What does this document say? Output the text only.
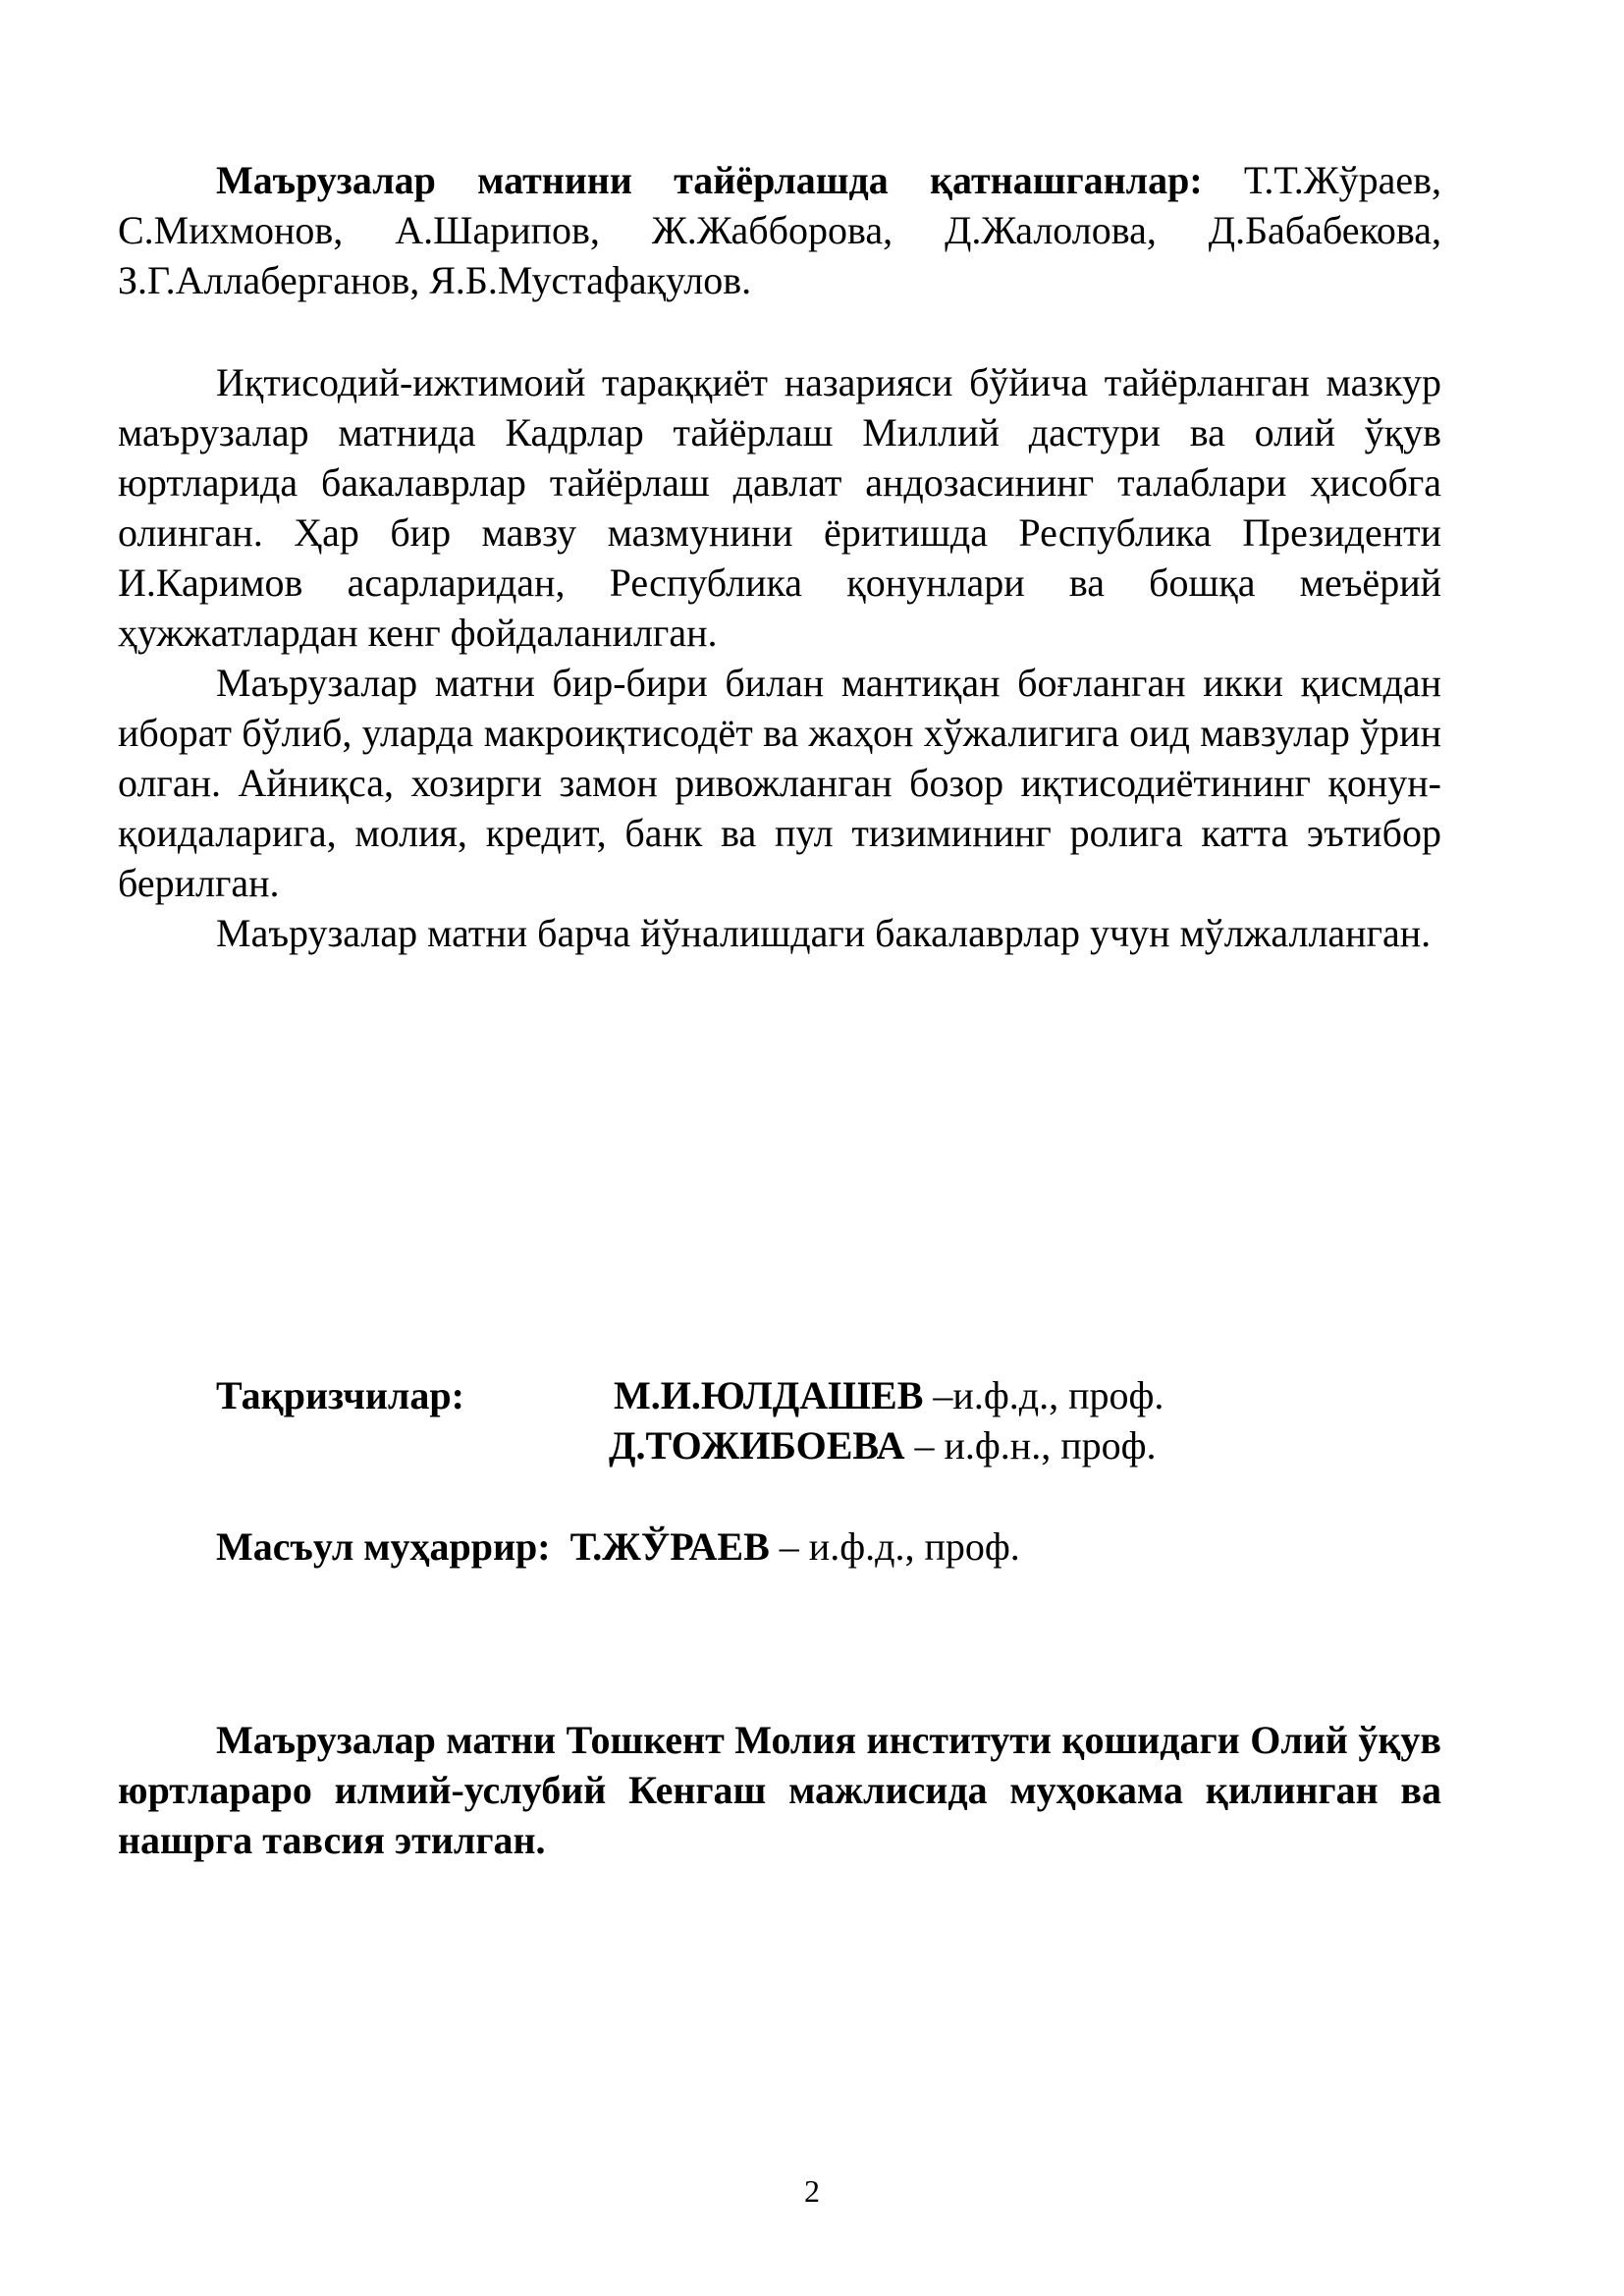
Маърузалар матнини тайёрлашда қатнашганлар: Т.Т.Жўраев, С.Михмонов, А.Шарипов, Ж.Жабборова, Д.Жалолова, Д.Бабабекова, З.Г.Аллаберганов, Я.Б.Мустафақулов.

Иқтисодий-ижтимоий тараққиёт назарияси бўйича тайёрланган мазкур маърузалар матнида Кадрлар тайёрлаш Миллий дастури ва олий ўқув юртларида бакалаврлар тайёрлаш давлат андозасининг талаблари ҳисобга олинган. Ҳар бир мавзу мазмунини ёритишда Республика Президенти И.Каримов асарларидан, Республика қонунлари ва бошқа меъёрий ҳужжатлардан кенг фойдаланилган.

Маърузалар матни бир-бири билан мантиқан боғланган икки қисмдан иборат бўлиб, уларда макроиқтисодёт ва жаҳон хўжалигига оид мавзулар ўрин олган. Айниқса, хозирги замон ривожланган бозор иқтисодиётининг қонун-қоидаларига, молия, кредит, банк ва пул тизимининг ролига катта эътибор берилган.

Маърузалар матни барча йўналишдаги бакалаврлар учун мўлжалланган.

Тақризчилар:	М.И.ЮЛДАШЕВ –и.ф.д., проф.
Д.ТОЖИБОЕВА – и.ф.н., проф.
Масъул муҳаррир: Т.ЖЎРАЕВ – и.ф.д., проф.

Маърузалар матни Тошкент Молия институти қошидаги Олий ўқув юртлараро илмий-услубий Кенгаш мажлисида муҳокама қилинган ва нашрга тавсия этилган.

2
